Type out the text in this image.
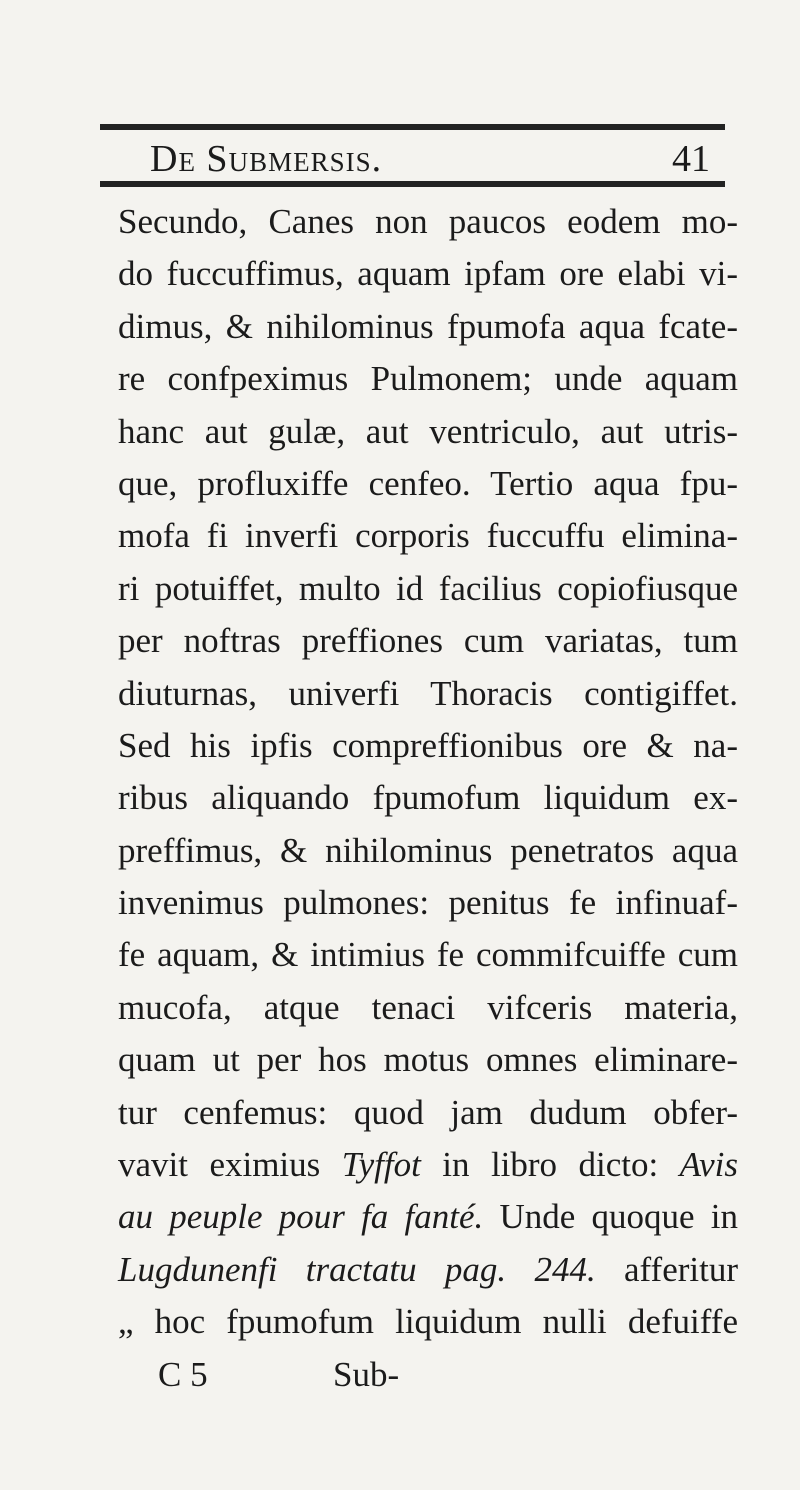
De Submersis.	41
Secundo, Canes non paucos eodem mo-
do fuccuffimus, aquam ipfam ore elabi vi-
dimus, & nihilominus fpumofa aqua fcate-
re confpeximus Pulmonem; unde aquam
hanc aut gulæ, aut ventriculo, aut utris-
que, profluxiffe cenfeo. Tertio aqua fpu-
mofa fi inverfi corporis fuccuffu elimina-
ri potuiffet, multo id facilius copiofiusque
per noftras preffiones cum variatas, tum
diuturnas, univerfi Thoracis contigiffet.
Sed his ipfis compreffionibus ore & na-
ribus aliquando fpumofum liquidum ex-
preffimus, & nihilominus penetratos aqua
invenimus pulmones: penitus fe infinuaf-
fe aquam, & intimius fe commifcuiffe cum
mucofa, atque tenaci vifceris materia,
quam ut per hos motus omnes eliminare-
tur cenfemus: quod jam dudum obfer-
vavit eximius Tyffot in libro dicto: Avis
au peuple pour fa fanté. Unde quoque in
Lugdunenfi tractatu pag. 244. afferitur
„ hoc fpumofum liquidum nulli defuiffe
C 5	Sub-
